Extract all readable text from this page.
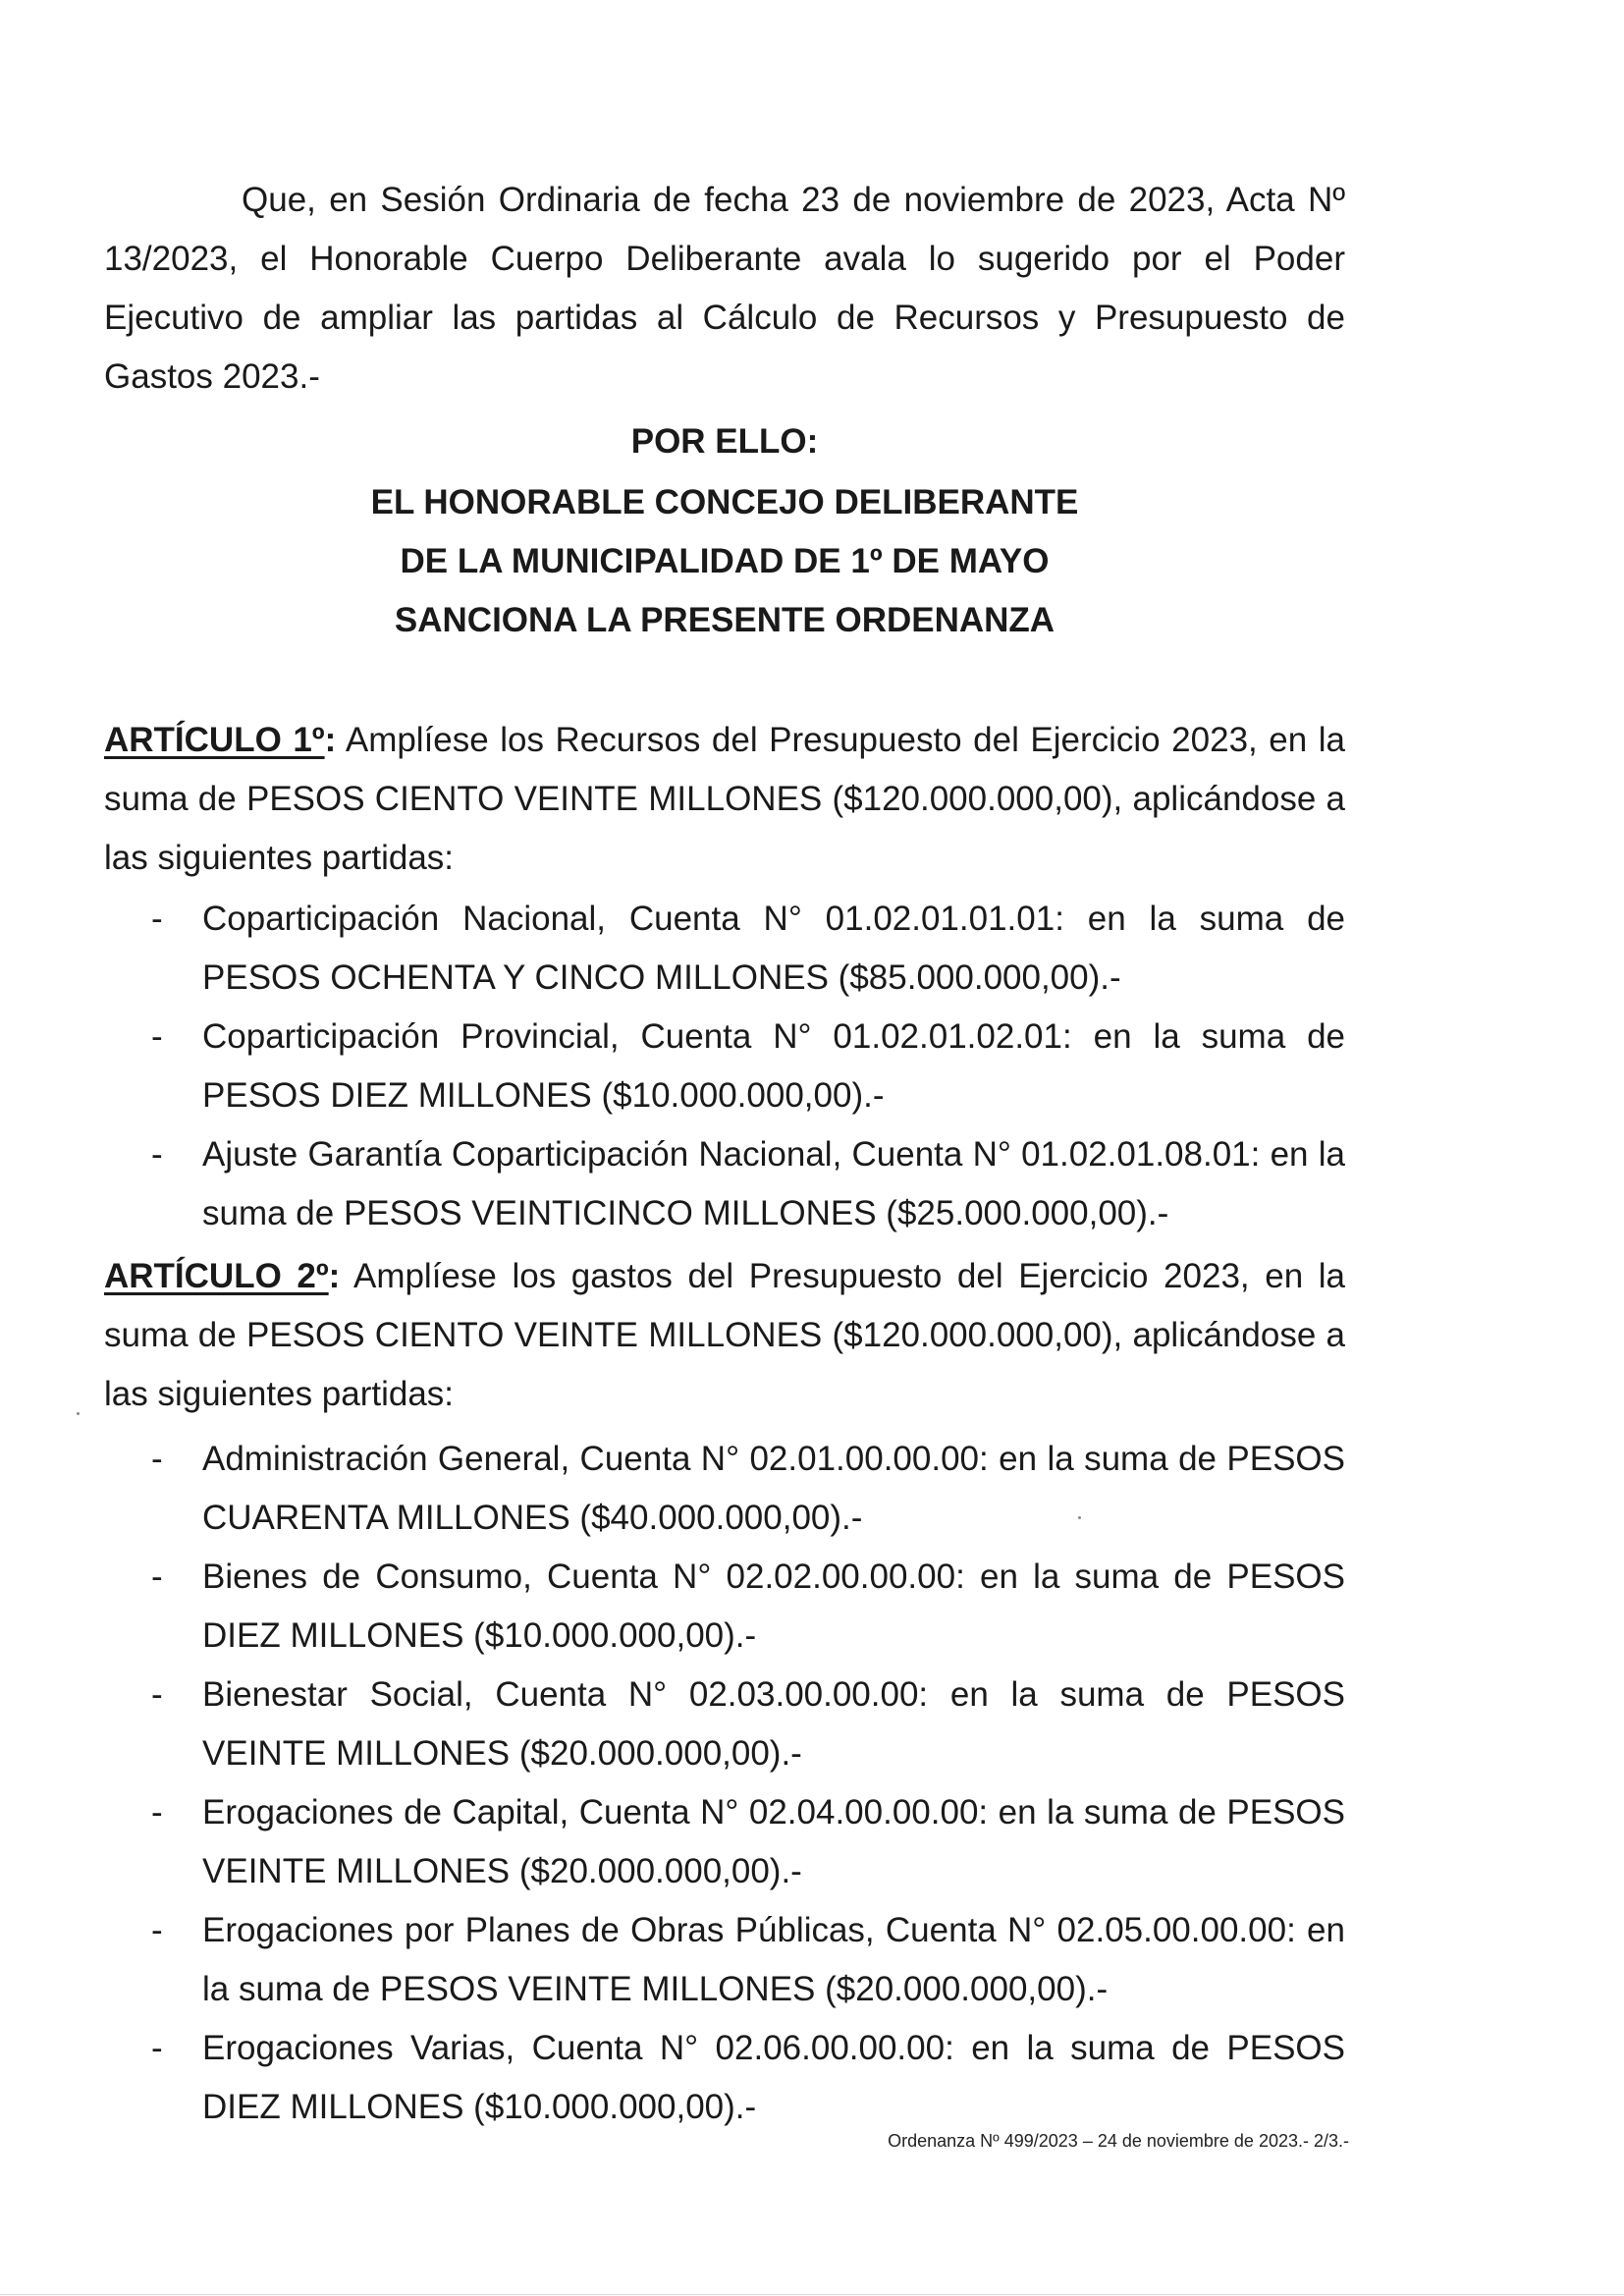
Que, en Sesión Ordinaria de fecha 23 de noviembre de 2023, Acta Nº 13/2023, el Honorable Cuerpo Deliberante avala lo sugerido por el Poder Ejecutivo de ampliar las partidas al Cálculo de Recursos y Presupuesto de Gastos 2023.-

POR ELLO:

EL HONORABLE CONCEJO DELIBERANTE

DE LA MUNICIPALIDAD DE 1º DE MAYO

SANCIONA LA PRESENTE ORDENANZA

ARTÍCULO 1º: Amplíese los Recursos del Presupuesto del Ejercicio 2023, en la suma de PESOS CIENTO VEINTE MILLONES ($120.000.000,00), aplicándose a las siguientes partidas:

- Coparticipación Nacional, Cuenta N° 01.02.01.01.01: en la suma de PESOS OCHENTA Y CINCO MILLONES ($85.000.000,00).-
- Coparticipación Provincial, Cuenta N° 01.02.01.02.01: en la suma de PESOS DIEZ MILLONES ($10.000.000,00).-
- Ajuste Garantía Coparticipación Nacional, Cuenta N° 01.02.01.08.01: en la suma de PESOS VEINTICINCO MILLONES ($25.000.000,00).-

ARTÍCULO 2º: Amplíese los gastos del Presupuesto del Ejercicio 2023, en la suma de PESOS CIENTO VEINTE MILLONES ($120.000.000,00), aplicándose a las siguientes partidas:

- Administración General, Cuenta N° 02.01.00.00.00: en la suma de PESOS CUARENTA MILLONES ($40.000.000,00).-
- Bienes de Consumo, Cuenta N° 02.02.00.00.00: en la suma de PESOS DIEZ MILLONES ($10.000.000,00).-
- Bienestar Social, Cuenta N° 02.03.00.00.00: en la suma de PESOS VEINTE MILLONES ($20.000.000,00).-
- Erogaciones de Capital, Cuenta N° 02.04.00.00.00: en la suma de PESOS VEINTE MILLONES ($20.000.000,00).-
- Erogaciones por Planes de Obras Públicas, Cuenta N° 02.05.00.00.00: en la suma de PESOS VEINTE MILLONES ($20.000.000,00).-
- Erogaciones Varias, Cuenta N° 02.06.00.00.00: en la suma de PESOS DIEZ MILLONES ($10.000.000,00).-

Ordenanza Nº 499/2023 – 24 de noviembre de 2023.- 2/3.-
